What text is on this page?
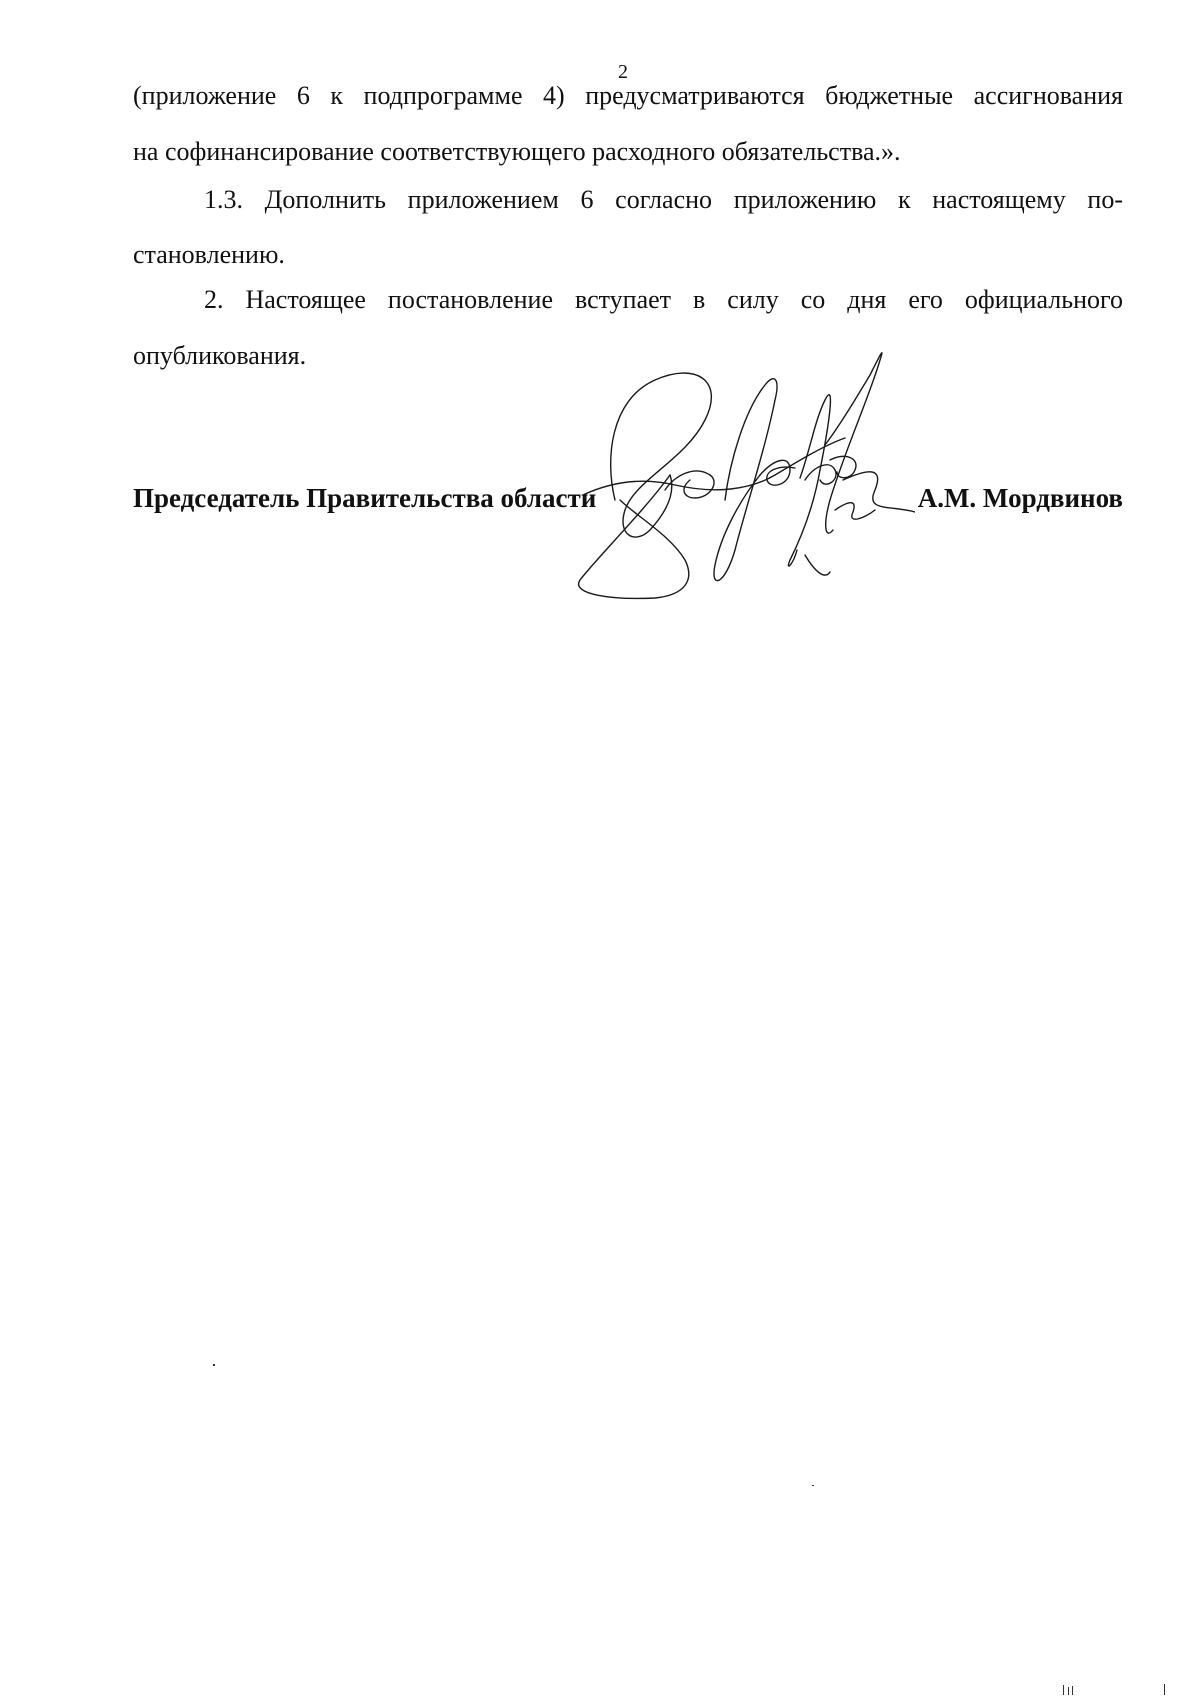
2

(приложение 6 к подпрограмме 4) предусматриваются бюджетные ассигнования

на софинансирование соответствующего расходного обязательства.».

1.3. Дополнить приложением 6 согласно приложению к настоящему по-

становлению.

2. Настоящее постановление вступает в силу со дня его официального

опубликования.

Председатель Правительства области	А.М. Мордвинов
